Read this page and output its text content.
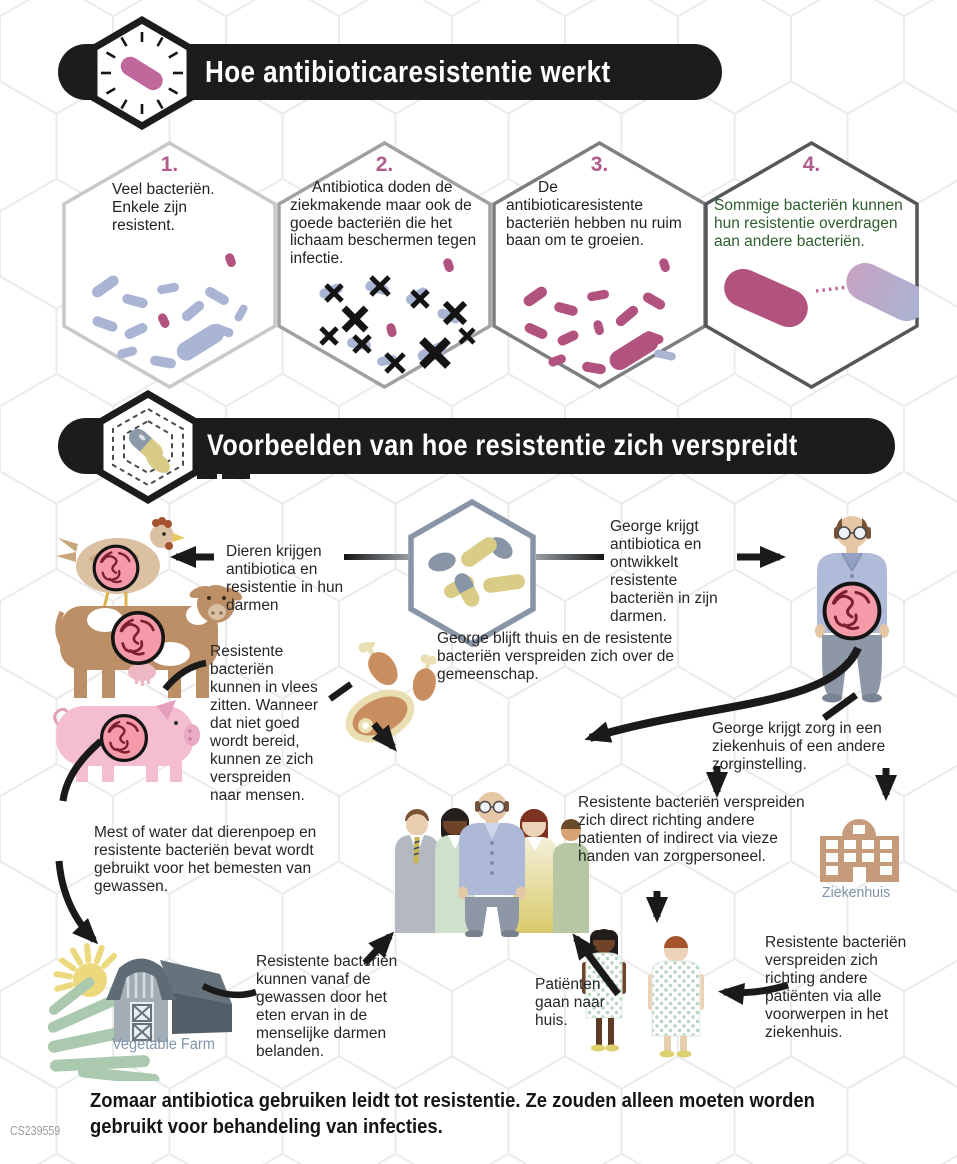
Hoe antibioticaresistentie werkt
1.
Veel bacteriën. Enkele zijn resistent.
2.
Antibiotica doden de ziekmakende maar ook de goede bacteriën die het lichaam beschermen tegen infectie.
3.
De antibioticaresistente bacteriën hebben nu ruim baan om te groeien.
4.
Sommige bacteriën kunnen hun resistentie overdragen aan andere bacteriën.
Voorbeelden van hoe resistentie zich verspreidt
Ziekenhuis
Vegetable Farm
Dieren krijgen antibiotica en resistentie in hun darmen
George krijgt antibiotica en ontwikkelt resistente bacteriën in zijn darmen.
George blijft thuis en de resistente bacteriën verspreiden zich over de gemeenschap.
Resistente bacteriën kunnen in vlees zitten. Wanneer dat niet goed wordt bereid, kunnen ze zich verspreiden naar mensen.
George krijgt zorg in een ziekenhuis of een andere zorginstelling.
Resistente bacteriën verspreiden zich direct richting andere patienten of indirect via vieze handen van zorgpersoneel.
Mest of water dat dierenpoep en resistente bacteriën bevat wordt gebruikt voor het bemesten van gewassen.
Resistente bacteriën kunnen vanaf de gewassen door het eten ervan in de menselijke darmen belanden.
Patiënten gaan naar huis.
Resistente bacteriën verspreiden zich richting andere patiënten via alle voorwerpen in het ziekenhuis.
Zomaar antibiotica gebruiken leidt tot resistentie. Ze zouden alleen moeten worden gebruikt voor behandeling van infecties.
CS239559
